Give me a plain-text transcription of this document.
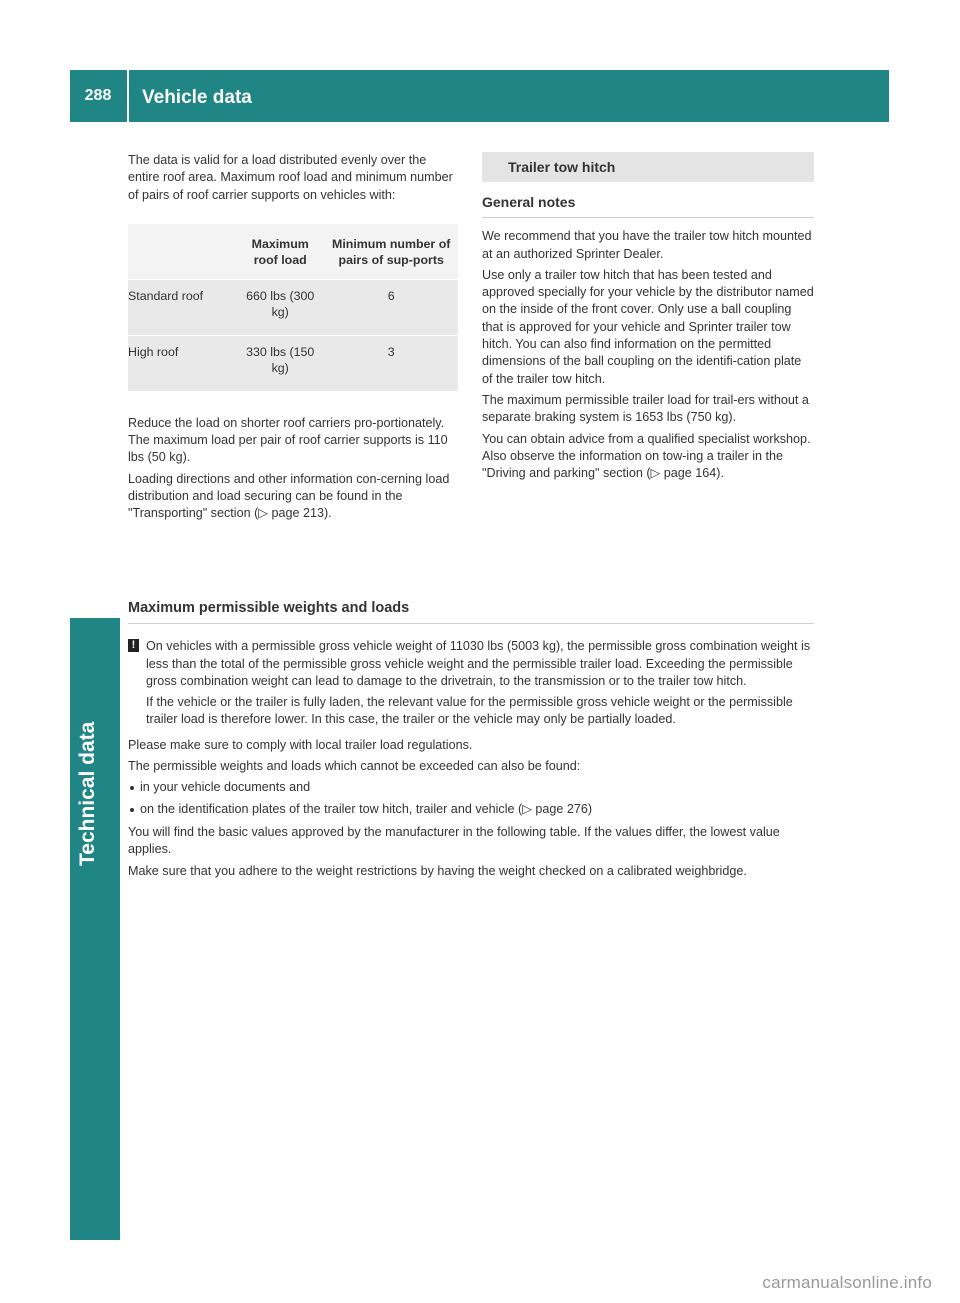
288	Vehicle data
Technical data

The data is valid for a load distributed evenly over the entire roof area. Maximum roof load and minimum number of pairs of roof carrier supports on vehicles with:

	Maximum roof load	Minimum number of pairs of sup-ports
Standard roof	660 lbs (300 kg)	6
High roof	330 lbs (150 kg)	3

Reduce the load on shorter roof carriers pro-portionately. The maximum load per pair of roof carrier supports is 110 lbs (50 kg).

Loading directions and other information con-cerning load distribution and load securing can be found in the "Transporting" section (▷ page 213).

Trailer tow hitch
General notes

We recommend that you have the trailer tow hitch mounted at an authorized Sprinter Dealer.

Use only a trailer tow hitch that has been tested and approved specially for your vehicle by the distributor named on the inside of the front cover. Only use a ball coupling that is approved for your vehicle and Sprinter trailer tow hitch. You can also find information on the permitted dimensions of the ball coupling on the identifi-cation plate of the trailer tow hitch.

The maximum permissible trailer load for trail-ers without a separate braking system is 1653 lbs (750 kg).

You can obtain advice from a qualified specialist workshop. Also observe the information on tow-ing a trailer in the "Driving and parking" section (▷ page 164).

Maximum permissible weights and loads
! On vehicles with a permissible gross vehicle weight of 11030 lbs (5003 kg), the permissible gross combination weight is less than the total of the permissible gross vehicle weight and the permissible trailer load. Exceeding the permissible gross combination weight can lead to damage to the drivetrain, to the transmission or to the trailer tow hitch.

If the vehicle or the trailer is fully laden, the relevant value for the permissible gross vehicle weight or the permissible trailer load is therefore lower. In this case, the trailer or the vehicle may only be partially loaded.

Please make sure to comply with local trailer load regulations.

The permissible weights and loads which cannot be exceeded can also be found:

in your vehicle documents and
on the identification plates of the trailer tow hitch, trailer and vehicle (▷ page 276)

You will find the basic values approved by the manufacturer in the following table. If the values differ, the lowest value applies.

Make sure that you adhere to the weight restrictions by having the weight checked on a calibrated weighbridge.

carmanualsonline.info
